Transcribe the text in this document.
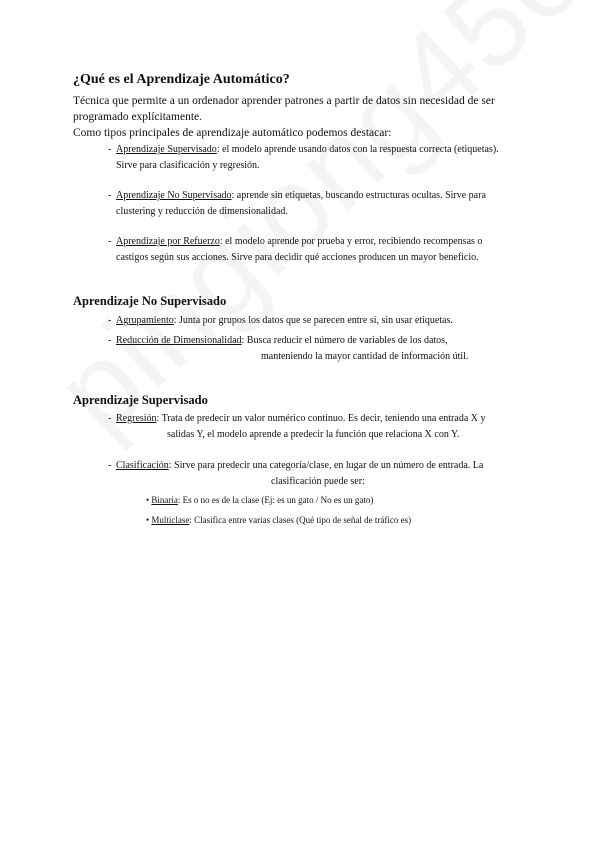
¿Qué es el Aprendizaje Automático?
Técnica que permite a un ordenador aprender patrones a partir de datos sin necesidad de ser
programado explícitamente.
Como tipos principales de aprendizaje automático podemos destacar:
- Aprendizaje Supervisado: el modelo aprende usando datos con la respuesta correcta (etiquetas).
Sirve para clasificación y regresión.
- Aprendizaje No Supervisado: aprende sin etiquetas, buscando estructuras ocultas. Sirve para
clustering y reducción de dimensionalidad.
- Aprendizaje por Refuerzo: el modelo aprende por prueba y error, recibiendo recompensas o
castigos según sus acciones. Sirve para decidir qué acciones producen un mayor beneficio.
Aprendizaje No Supervisado
- Agrupamiento: Junta por grupos los datos que se parecen entre sí, sin usar etiquetas.
- Reducción de Dimensionalidad: Busca reducir el número de variables de los datos,
manteniendo la mayor cantidad de información útil.
Aprendizaje Supervisado
- Regresión: Trata de predecir un valor numérico continuo. Es decir, teniendo una entrada X y
salidas Y, el modelo aprende a predecir la función que relaciona X con Y.
- Clasificación: Sirve para predecir una categoría/clase, en lugar de un número de entrada. La
clasificación puede ser:
• Binaria: Es o no es de la clase (Ej: es un gato / No es un gato)
• Multiclase: Clasifica entre varias clases (Qué tipo de señal de tráfico es)
